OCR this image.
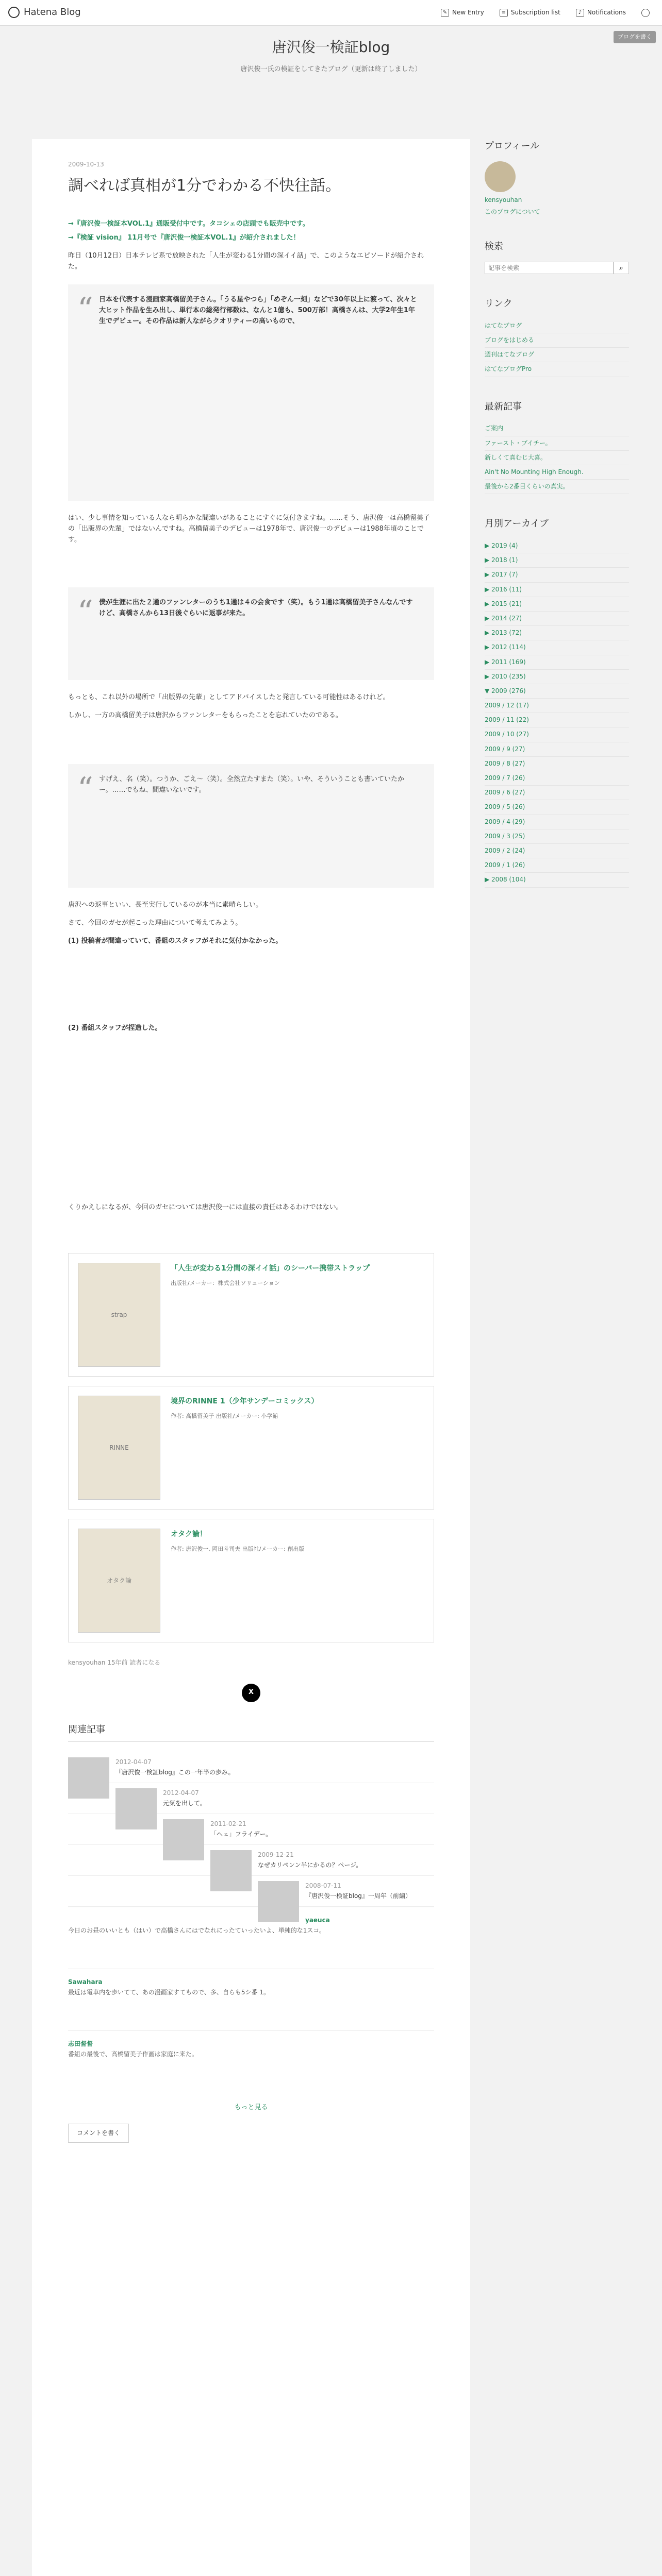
Hatena Blog	✎ New Entry	≡ Subscription list	♪ Notifications
ブログを書く
唐沢俊一検証blog
唐沢俊一氏の検証をしてきたブログ（更新は終了しました）
2009-10-13
調べれば真相が1分でわかる不快往話。
→『唐沢俊一検証本VOL.1』通販受付中です。タコシェの店頭でも販売中です。
→『検証 vision』 11月号で『唐沢俊一検証本VOL.1』が紹介されました！

昨日（10月12日）日本テレビ系で放映された「人生が変わる1分間の深イイ話」で、このようなエピソードが紹介された。

“ 日本を代表する漫画家高橋留美子さん。「うる星やつら」「めぞん一刻」などで30年以上に渡って、次々と大ヒット作品を生み出し、単行本の総発行部数は、なんと1億も、500万部！高橋さんは、大学2年生1年生でデビュー。その作品は新人ながらクオリティーの高いもので、

はい、少し事情を知っている人なら明らかな間違いがあることにすぐに気付きますね。……そう、唐沢俊一は高橋留美子の「出版界の先輩」ではないんですね。高橋留美子のデビューは1978年で、唐沢俊一のデビューは1988年頃のことです。

“ 僕が生涯に出た２通のファンレターのうち1通は４の会食です（笑）。もう1通は高橋留美子さんなんですけど、高橋さんから13日後ぐらいに返事が来た。

もっとも、これ以外の場所で「出版界の先輩」としてアドバイスしたと発言している可能性はあるけれど。

しかし、一方の高橋留美子は唐沢からファンレターをもらったことを忘れていたのである。

“ すげえ、名（笑）。つうか、ごえ〜（笑）。全然立たすまた（笑）。いや、そういうことも書いていたかー。……でもね、間違いないです。

唐沢への返事といい、長至実行しているのが本当に素晴らしい。

さて、今回のガセが起こった理由について考えてみよう。

(1) 投稿者が間違っていて、番組のスタッフがそれに気付かなかった。

(2) 番組スタッフが捏造した。

くりかえしになるが、今回のガセについては唐沢俊一には直接の責任はあるわけではない。

strap
「人生が変わる1分間の深イイ話」のシーバー携帯ストラップ
出版社/メーカー：株式会社ソリューション
RINNE
境界のRINNE 1（少年サンデーコミックス）
作者: 高橋留美子 出版社/メーカー: 小学館
オタク論
オタク論！
作者: 唐沢俊一, 岡田斗司夫 出版社/メーカー: 創出版
kensyouhan 15年前 読者になる
X
関連記事
2012-04-07
『唐沢俊一検証blog』この一年半の歩み。
2012-04-07
元気を出して。
2011-02-21
「ヘェ」フライデー。
2009-12-21
なぜカリペンン半にかるの？ページ。
2008-07-11
『唐沢俊一検証blog』一周年（前編）
yaeuca
今日のお昼のいいとも（はい）で高橋さんにはでなれにったていったいよ、単純的な1スコ。
Sawahara
最近は電車内を歩いてて、あの漫画家すてもので、多、自らも5シ番 1。
志田督督
番組の最後で、高橋留美子作画は家庭に来た。
もっと見る
コメントを書く
プロフィール
kensyouhan
このブログについて
検索
記事を検索
⌕
リンク
はてなブログ
ブログをはじめる
週刊はてなブログ
はてなブログPro
最新記事
ご案内
ファースト・ブイチー。
新しくて真むじ大喜。
Ain't No Mounting High Enough.
最後から2番目くらいの真実。
月別アーカイブ
▶ 2019 (4)
▶ 2018 (1)
▶ 2017 (7)
▶ 2016 (11)
▶ 2015 (21)
▶ 2014 (27)
▶ 2013 (72)
▶ 2012 (114)
▶ 2011 (169)
▶ 2010 (235)
▼ 2009 (276)
2009 / 12 (17)
2009 / 11 (22)
2009 / 10 (27)
2009 / 9 (27)
2009 / 8 (27)
2009 / 7 (26)
2009 / 6 (27)
2009 / 5 (26)
2009 / 4 (29)
2009 / 3 (25)
2009 / 2 (24)
2009 / 1 (26)
▶ 2008 (104)
